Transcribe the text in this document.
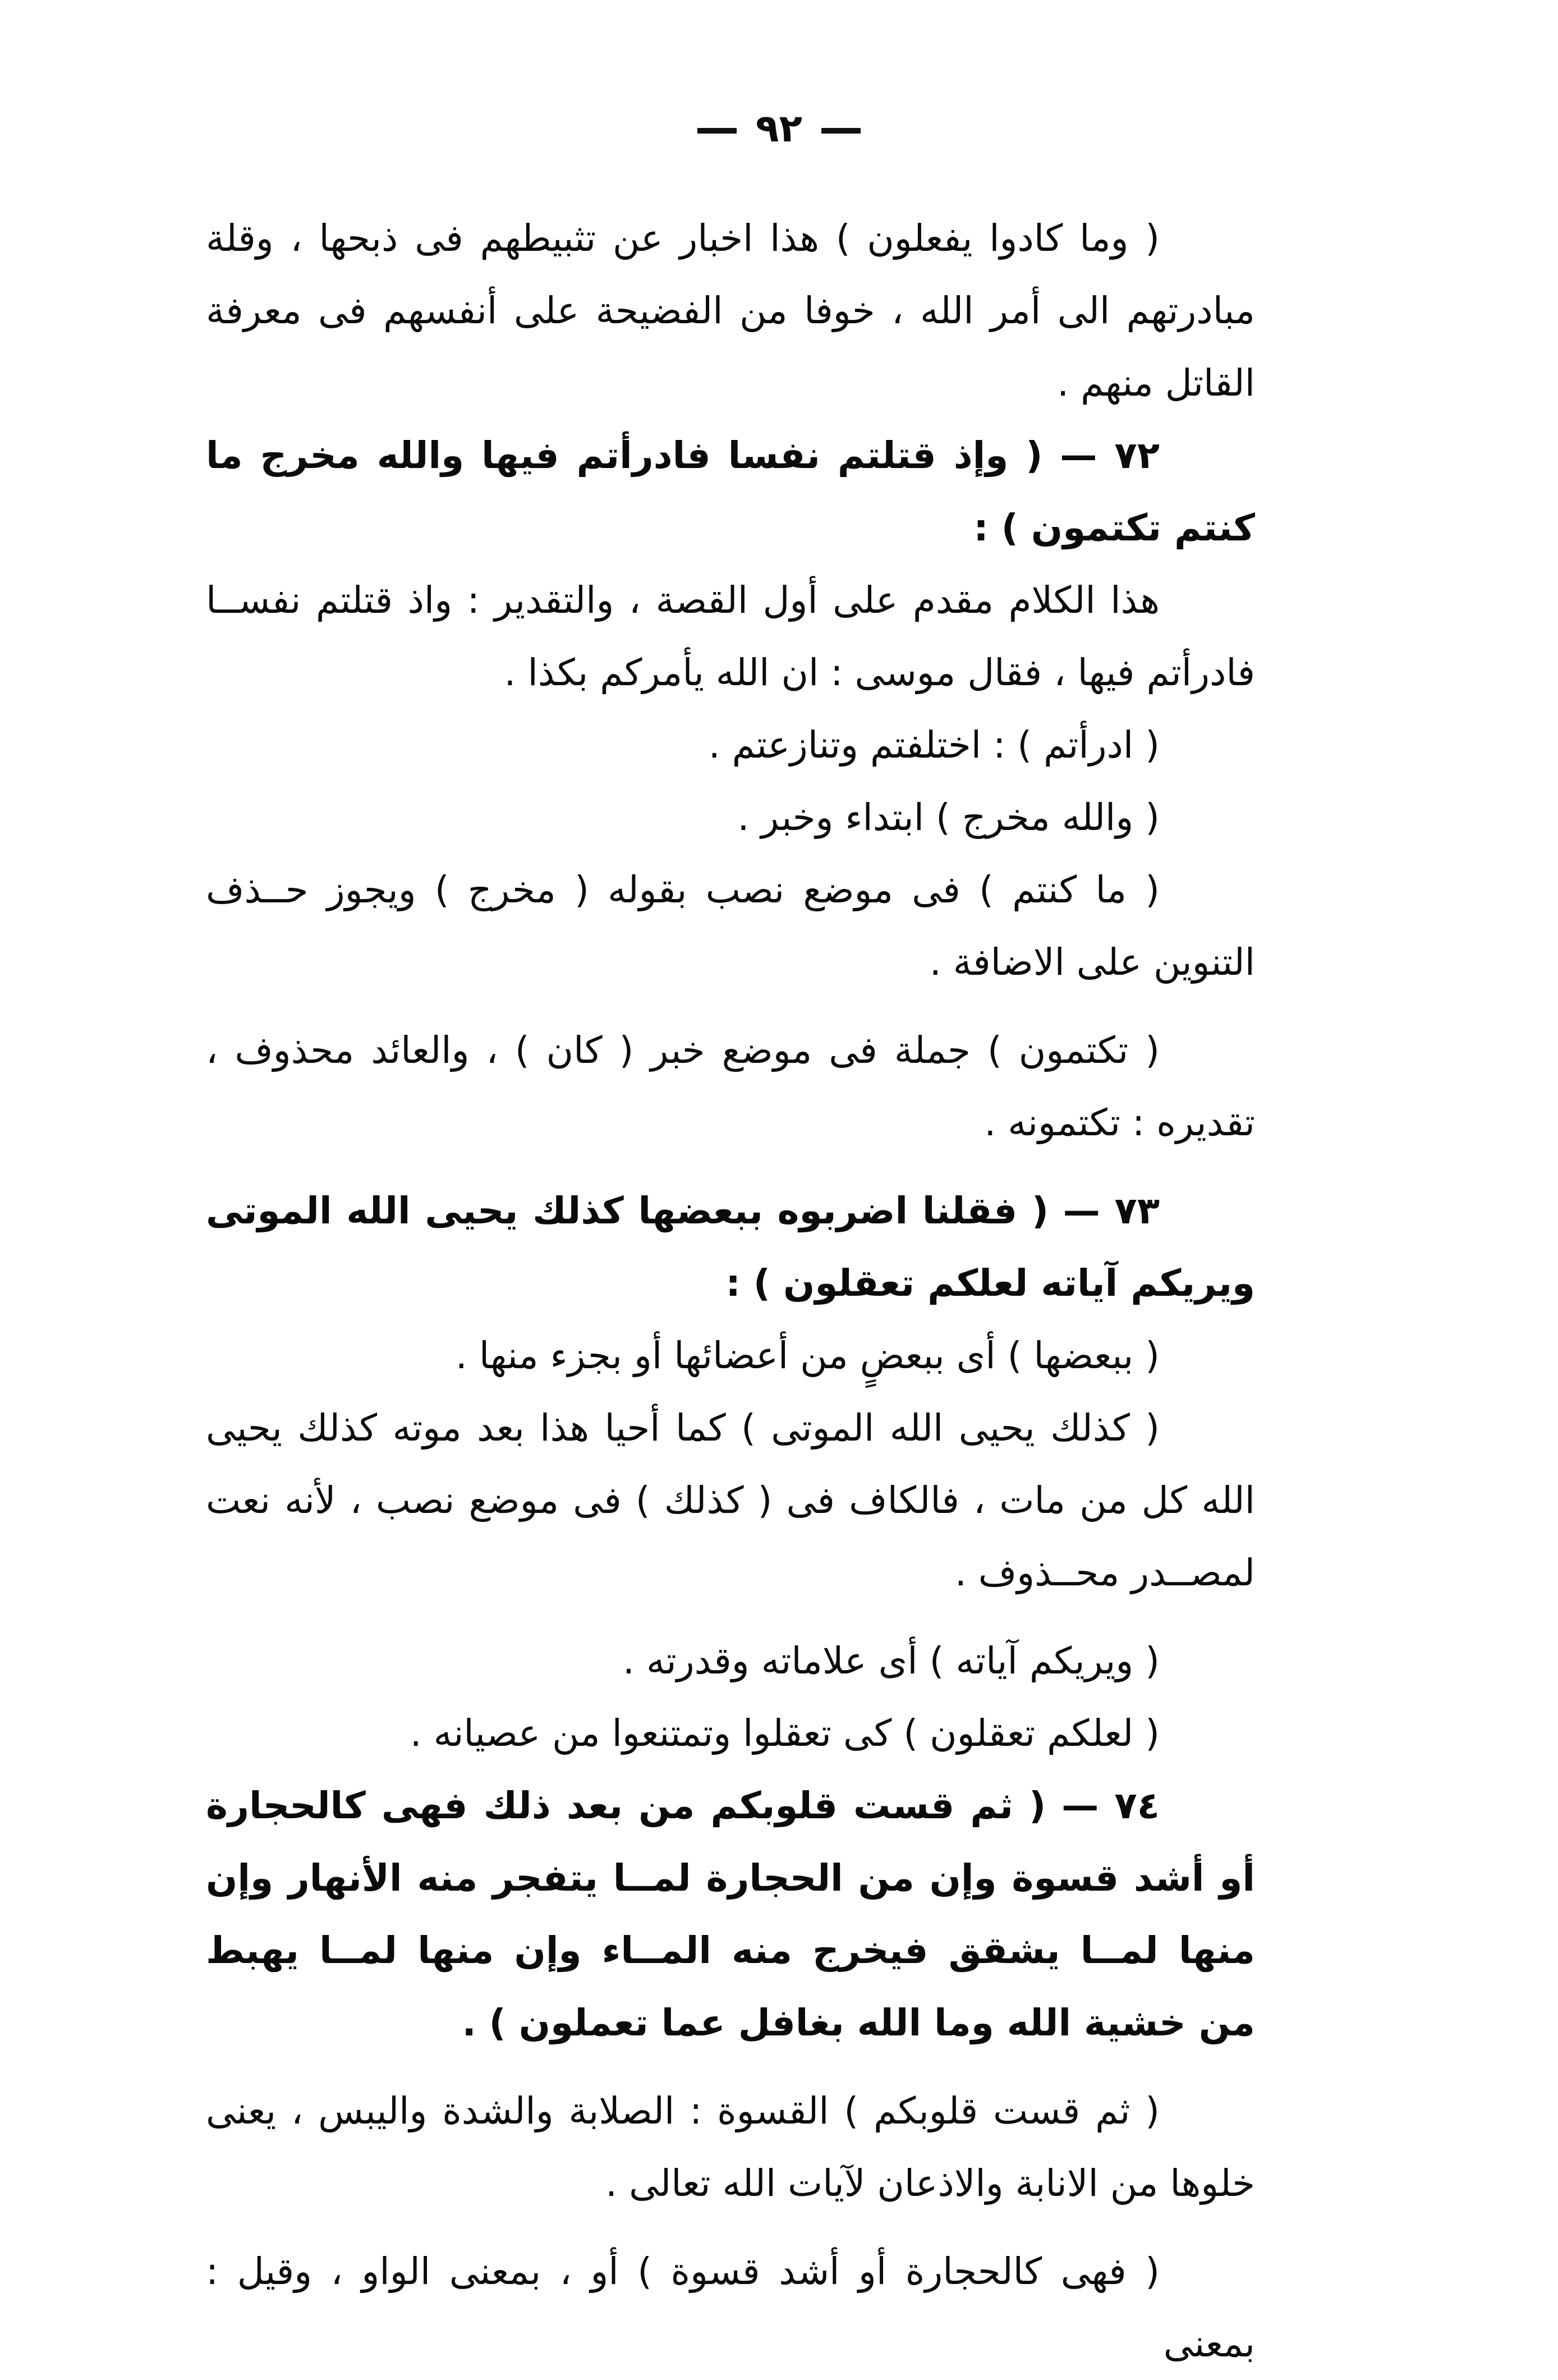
٩٢

( وما كادوا يفعلون ) هذا اخبار عن تثبيطهم فى ذبحها ، وقلة مبادرتهم الى أمر الله ، خوفا من الفضيحة على أنفسهم فى معرفة القاتل منهم .

٧٢ — ( وإذ قتلتم نفسا فادرأتم فيها والله مخرج ما كنتم تكتمون ) :

هذا الكلام مقدم على أول القصة ، والتقدير : واذ قتلتم نفســا فادرأتم فيها ، فقال موسى : ان الله يأمركم بكذا .

( ادرأتم ) : اختلفتم وتنازعتم .

( والله مخرج ) ابتداء وخبر .

( ما كنتم ) فى موضع نصب بقوله ( مخرج ) ويجوز حــذف التنوين على الاضافة .

( تكتمون ) جملة فى موضع خبر ( كان ) ، والعائد محذوف ، تقديره : تكتمونه .

٧٣ — ( فقلنا اضربوه ببعضها كذلك يحيى الله الموتى ويريكم آياته لعلكم تعقلون ) :

( ببعضها ) أى ببعضٍ من أعضائها أو بجزء منها .

( كذلك يحيى الله الموتى ) كما أحيا هذا بعد موته كذلك يحيى الله كل من مات ، فالكاف فى ( كذلك ) فى موضع نصب ، لأنه نعت لمصــدر محــذوف .

( ويريكم آياته ) أى علاماته وقدرته .

( لعلكم تعقلون ) كى تعقلوا وتمتنعوا من عصيانه .

٧٤ — ( ثم قست قلوبكم من بعد ذلك فهى كالحجارة أو أشد قسوة وإن من الحجارة لمــا يتفجر منه الأنهار وإن منها لمــا يشقق فيخرج منه المــاء وإن منها لمــا يهبط من خشية الله وما الله بغافل عما تعملون ) .

( ثم قست قلوبكم ) القسوة : الصلابة والشدة واليبس ، يعنى خلوها من الانابة والاذعان لآيات الله تعالى .

( فهى كالحجارة أو أشد قسوة ) أو ، بمعنى الواو ، وقيل : بمعنى
